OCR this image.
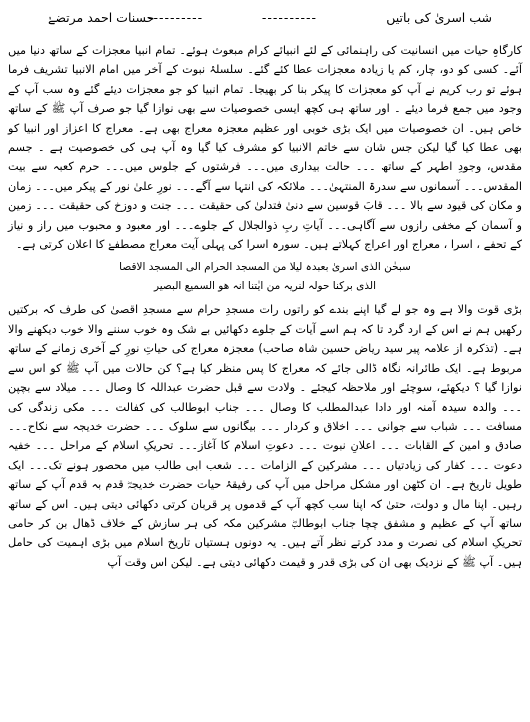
شب اسریٰ کی باتیں
----------
----------
حسنات احمد مرتضےٰ

کارگاہِ حیات میں انسانیت کی راہنمائی کے لئے انبیائے کرام مبعوث ہوئے۔ تمام انبیا معجزات کے ساتھ دنیا میں آئے۔ کسی کو دو، چار، کم یا زیادہ معجزات عطا کئے گئے۔ سلسلۂ نبوت کے آخر میں امام الانبیا تشریف فرما ہوئے تو رب کریم نے آپ کو معجزات کا پیکر بنا کر بھیجا۔ تمام انبیا کو جو معجزات دیئے گئے وہ سب آپ کے وجود میں جمع فرما دیئے ۔ اور ساتھ ہی کچھ ایسی خصوصیات سے بھی نوازا گیا جو صرف آپ ﷺ کے ساتھ خاص ہیں۔ ان خصوصیات میں ایک بڑی خوبی اور عظیم معجزہ معراج بھی ہے۔ معراج کا اعزاز اور انبیا کو بھی عطا کیا گیا لیکن جس شان سے خاتم الانبیا کو مشرف کیا گیا وہ آپ ہی کی خصوصیت ہے ۔ جسم مقدس، وجودِ اطہر کے ساتھ ۔۔۔ حالت بیداری میں۔۔۔ فرشتوں کے جلوس میں۔۔۔ حرم کعبہ سے بیت المقدس۔۔۔ آسمانوں سے سدرۃ المنتہیٰ۔۔۔ ملائکہ کی انتہا سے آگے۔۔۔ نورِ علیٰ نور کے پیکر میں۔۔۔ زمان و مکان کی قیود سے بالا ۔۔۔ قابَ قوسین سے دنیٰ فتدلیٰ کی حقیقت ۔۔۔ جنت و دوزخ کی حقیقت ۔۔۔ زمین و آسمان کے مخفی رازوں سے آگاہی۔۔۔ آیاتِ ربِ ذوالجلال کے جلوے۔۔۔ اور معبود و محبوب میں راز و نیاز کے تحفے ، اسرا ، معراج اور اعراج کہلاتے ہیں۔ سورہ اسرا کی پہلی آیت معراج مصطفےٰ کا اعلان کرتی ہے۔

سبحٰن الذی اسریٰ بعبدہ لیلا من المسجد الحرام الی المسجد الاقصا
الذی برکنا حولہ لنریہ من ایٰتنا انہ ھو السمیع البصیر

بڑی قوت والا ہے وہ جو لے گیا اپنے بندے کو راتوں رات مسجدِ حرام سے مسجدِ اقصیٰ کی طرف کہ برکتیں رکھیں ہم نے اس کے ارد گرد تا کہ ہم اسے آیات کے جلوے دکھائیں بے شک وہ خوب سننے والا خوب دیکھنے والا ہے۔ (تذکرہ از علامہ پیر سید ریاض حسین شاہ صاحب) معجزہ معراج کی حیاتِ نورِ کے آخری زمانے کے ساتھ مربوط ہے۔ ایک طائرانہ نگاہ ڈالی جائے کہ معراج کا پس منظر کیا ہے؟ کن حالات میں آپ ﷺ کو اس سے نوازا گیا ؟ دیکھئے، سوچئے اور ملاحظہ کیجئے ۔ ولادت سے قبل حضرت عبداللہ کا وصال ۔۔۔ میلاد سے بچپن ۔۔۔ والدہ سیدہ آمنہ اور دادا عبدالمطلب کا وصال ۔۔۔ جناب ابوطالب کی کفالت ۔۔۔ مکی زندگی کی مسافت ۔۔۔ شباب سے جوانی ۔۔۔ اخلاق و کردار ۔۔۔ بیگانوں سے سلوک ۔۔۔ حضرت خدیجہ سے نکاح۔۔۔ صادق و امین کے القابات ۔۔۔ اعلانِ نبوت ۔۔۔ دعوتِ اسلام کا آغاز۔۔۔ تحریکِ اسلام کے مراحل ۔۔۔ خفیہ دعوت ۔۔۔ کفار کی زیادتیاں ۔۔۔ مشرکین کے الزامات ۔۔۔ شعب ابی طالب میں محصور ہونے تک۔۔۔ ایک طویل تاریخ ہے۔ ان کٹھن اور مشکل مراحل میں آپ کی رفیقۂ حیات حضرت خدیجہؓ قدم بہ قدم آپ کے ساتھ رہیں۔ اپنا مال و دولت، حتیٰ کہ اپنا سب کچھ آپ کے قدموں پر قربان کرتی دکھائی دیتی ہیں۔ اس کے ساتھ ساتھ آپ کے عظیم و مشفق چچا جناب ابوطالبؓ مشرکین مکہ کی ہر سازش کے خلاف ڈھال بن کر حامی تحریکِ اسلام کی نصرت و مدد کرتے نظر آتے ہیں۔ یہ دونوں ہستیاں تاریخ اسلام میں بڑی اہمیت کی حامل ہیں۔ آپ ﷺ کے نزدیک بھی ان کی بڑی قدر و قیمت دکھائی دیتی ہے۔ لیکن اس وقت آپ
